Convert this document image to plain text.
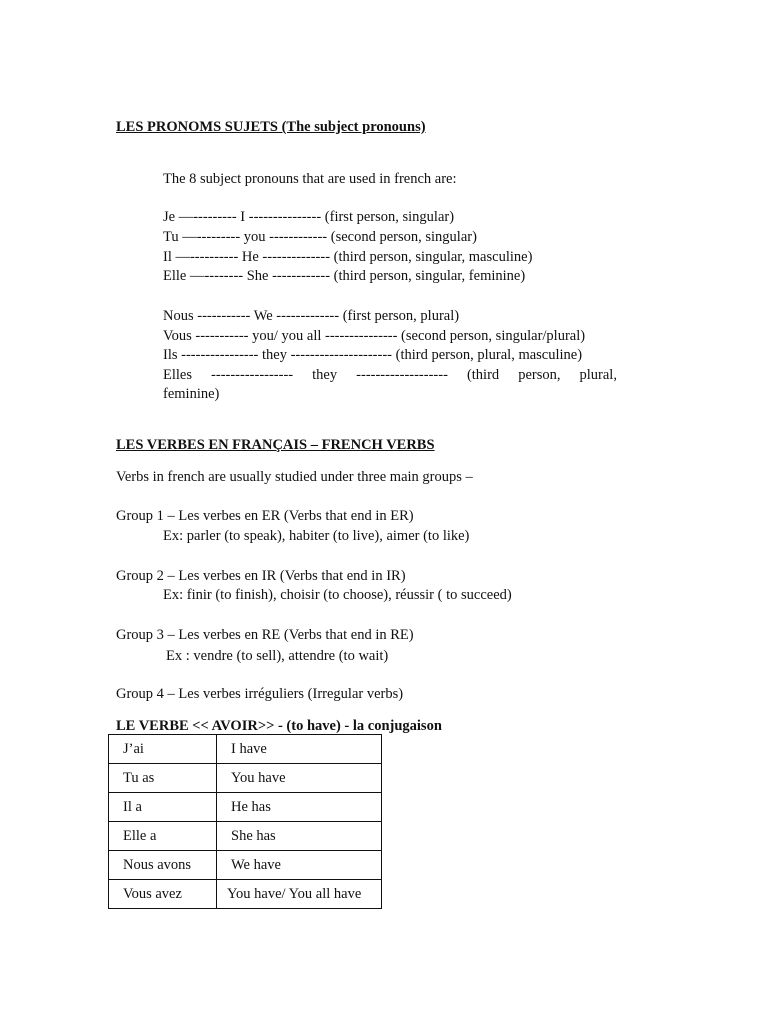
LES PRONOMS SUJETS (The subject pronouns)
The 8 subject pronouns that are used in french are:
Je —--------- I --------------- (first person, singular)
Tu —--------- you ------------ (second person, singular)
Il —---------- He -------------- (third person, singular, masculine)
Elle —-------- She ------------ (third person, singular, feminine)
Nous ----------- We ------------- (first person, plural)
Vous ----------- you/ you all --------------- (second person, singular/plural)
Ils ---------------- they --------------------- (third person, plural, masculine)
Elles ----------------- they ------------------- (third person, plural,
feminine)
LES VERBES EN FRANÇAIS – FRENCH VERBS
Verbs in french are usually studied under three main groups –
Group 1 – Les verbes en ER (Verbs that end in ER)
Ex: parler (to speak), habiter (to live), aimer (to like)
Group 2 – Les verbes en IR (Verbs that end in IR)
Ex: finir (to finish), choisir (to choose), réussir ( to succeed)
Group 3 – Les verbes en RE (Verbs that end in RE)
Ex : vendre (to sell), attendre (to wait)
Group 4 – Les verbes irréguliers (Irregular verbs)
LE VERBE << AVOIR>> - (to have) - la conjugaison
J’ai	I have
Tu as	You have
Il a	He has
Elle a	She has
Nous avons	We have
Vous avez	You have/ You all have
